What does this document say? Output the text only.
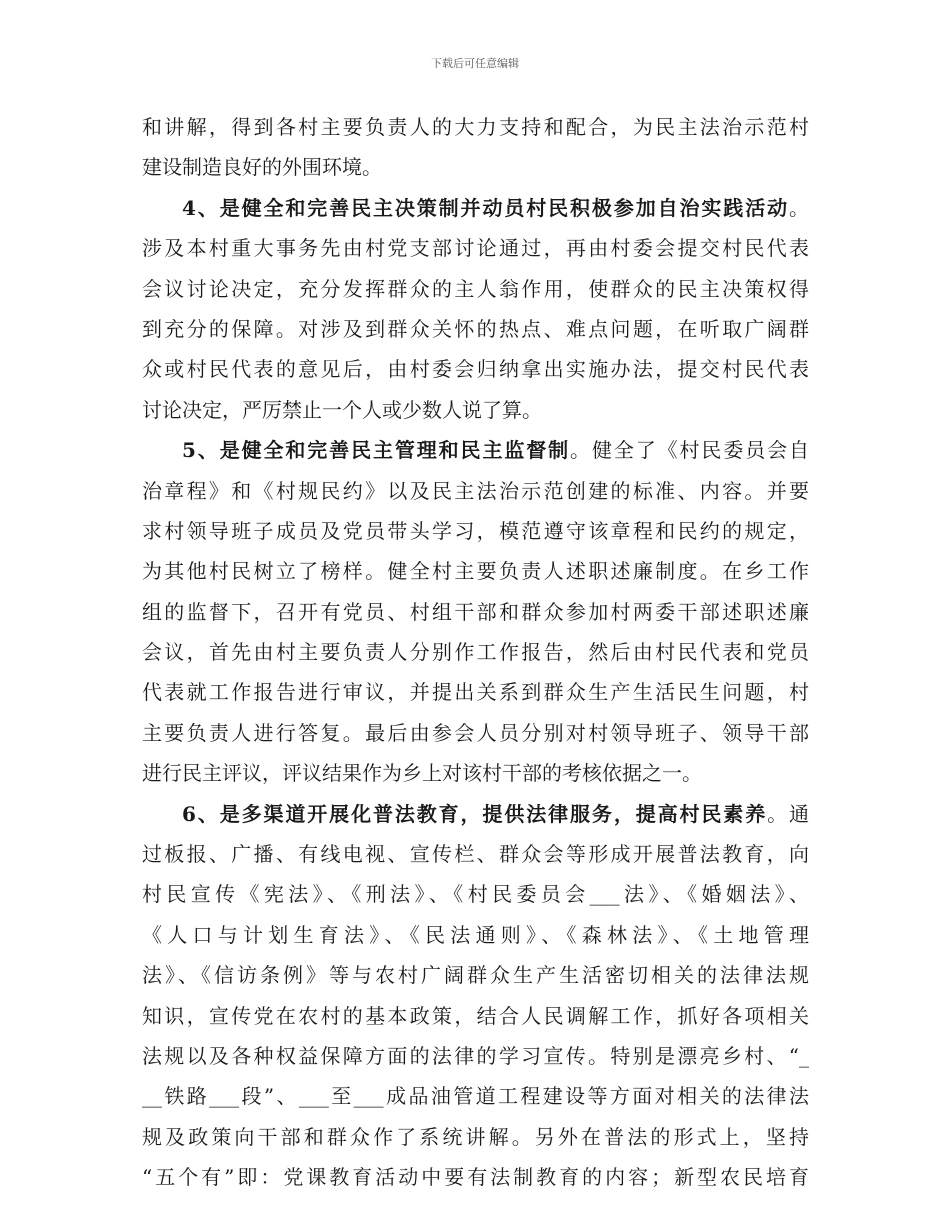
下载后可任意编辑
和讲解，得到各村主要负责人的大力支持和配合，为民主法治示范村
建设制造良好的外围环境。
4、是健全和完善民主决策制并动员村民积极参加自治实践活动。
涉及本村重大事务先由村党支部讨论通过，再由村委会提交村民代表
会议讨论决定，充分发挥群众的主人翁作用，使群众的民主决策权得
到充分的保障。对涉及到群众关怀的热点、难点问题，在听取广阔群
众或村民代表的意见后，由村委会归纳拿出实施办法，提交村民代表
讨论决定，严厉禁止一个人或少数人说了算。
5、是健全和完善民主管理和民主监督制。健全了《村民委员会自
治章程》和《村规民约》以及民主法治示范创建的标准、内容。并要
求村领导班子成员及党员带头学习，模范遵守该章程和民约的规定，
为其他村民树立了榜样。健全村主要负责人述职述廉制度。在乡工作
组的监督下，召开有党员、村组干部和群众参加村两委干部述职述廉
会议，首先由村主要负责人分别作工作报告，然后由村民代表和党员
代表就工作报告进行审议，并提出关系到群众生产生活民生问题，村
主要负责人进行答复。最后由参会人员分别对村领导班子、领导干部
进行民主评议，评议结果作为乡上对该村干部的考核依据之一。
6、是多渠道开展化普法教育，提供法律服务，提高村民素养。通
过板报、广播、有线电视、宣传栏、群众会等形成开展普法教育，向
村民宣传《宪法》、《刑法》、《村民委员会___法》、《婚姻法》、
《人口与计划生育法》、《民法通则》、《森林法》、《土地管理
法》、《信访条例》等与农村广阔群众生产生活密切相关的法律法规
知识，宣传党在农村的基本政策，结合人民调解工作，抓好各项相关
法规以及各种权益保障方面的法律的学习宣传。特别是漂亮乡村、“_
__铁路___段”、___至___成品油管道工程建设等方面对相关的法律法
规及政策向干部和群众作了系统讲解。另外在普法的形式上，坚持
“五个有”即：党课教育活动中要有法制教育的内容；新型农民培育
